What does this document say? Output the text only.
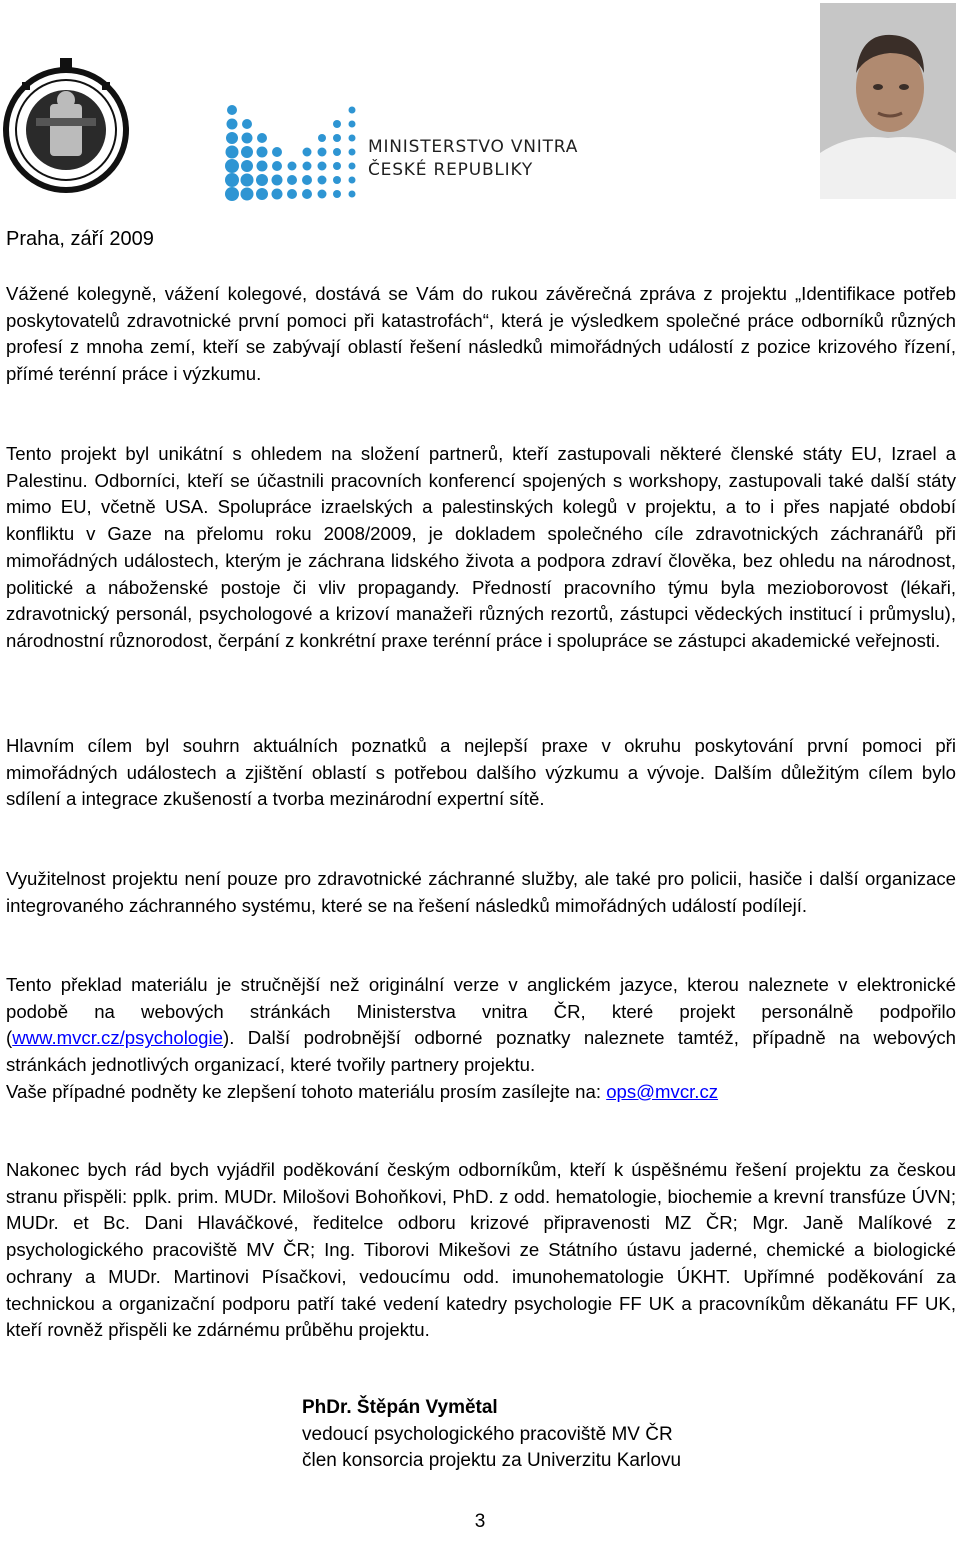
MINISTERSTVO VNITRA
ČESKÉ REPUBLIKY
Praha, září 2009

Vážené kolegyně, vážení kolegové, dostává se Vám do rukou závěrečná zpráva z projektu „Identifikace potřeb poskytovatelů zdravotnické první pomoci při katastrofách“, která je výsledkem společné práce odborníků různých profesí z mnoha zemí, kteří se zabývají oblastí řešení následků mimořádných událostí z pozice krizového řízení, přímé terénní práce i výzkumu.

Tento projekt byl unikátní s ohledem na složení partnerů, kteří zastupovali některé členské státy EU, Izrael a Palestinu. Odborníci, kteří se účastnili pracovních konferencí spojených s workshopy, zastupovali také další státy mimo EU, včetně USA. Spolupráce izraelských a palestinských kolegů v projektu, a to i přes napjaté období konfliktu v Gaze na přelomu roku 2008/2009, je dokladem společného cíle zdravotnických záchranářů při mimořádných událostech, kterým je záchrana lidského života a podpora zdraví člověka, bez ohledu na národnost, politické a náboženské postoje či vliv propagandy. Předností pracovního týmu byla mezioborovost (lékaři, zdravotnický personál, psychologové a krizoví manažeři různých rezortů, zástupci vědeckých institucí i průmyslu), národnostní různorodost, čerpání z konkrétní praxe terénní práce i spolupráce se zástupci akademické veřejnosti.

Hlavním cílem byl souhrn aktuálních poznatků a nejlepší praxe v okruhu poskytování první pomoci při mimořádných událostech a zjištění oblastí s potřebou dalšího výzkumu a vývoje. Dalším důležitým cílem bylo sdílení a integrace zkušeností a tvorba mezinárodní expertní sítě.

Využitelnost projektu není pouze pro zdravotnické záchranné služby, ale také pro policii, hasiče i další organizace integrovaného záchranného systému, které se na řešení následků mimořádných událostí podílejí.

Tento překlad materiálu je stručnější než originální verze v anglickém jazyce, kterou naleznete v elektronické podobě na webových stránkách Ministerstva vnitra ČR, které projekt personálně podpořilo (www.mvcr.cz/psychologie). Další podrobnější odborné poznatky naleznete tamtéž, případně na webových stránkách jednotlivých organizací, které tvořily partnery projektu.

Vaše případné podněty ke zlepšení tohoto materiálu prosím zasílejte na: ops@mvcr.cz

Nakonec bych rád bych vyjádřil poděkování českým odborníkům, kteří k úspěšnému řešení projektu za českou stranu přispěli: pplk. prim. MUDr. Milošovi Bohoňkovi, PhD. z odd. hematologie, biochemie a krevní transfúze ÚVN; MUDr. et Bc. Dani Hlaváčkové, ředitelce odboru krizové připravenosti MZ ČR; Mgr. Janě Malíkové z psychologického pracoviště MV ČR; Ing. Tiborovi Mikešovi ze Státního ústavu jaderné, chemické a biologické ochrany a MUDr. Martinovi Písačkovi, vedoucímu odd. imunohematologie ÚKHT. Upřímné poděkování za technickou a organizační podporu patří také vedení katedry psychologie FF UK a pracovníkům děkanátu FF UK, kteří rovněž přispěli ke zdárnému průběhu projektu.

PhDr. Štěpán Vymětal
vedoucí psychologického pracoviště MV ČR
člen konsorcia projektu za Univerzitu Karlovu
3
